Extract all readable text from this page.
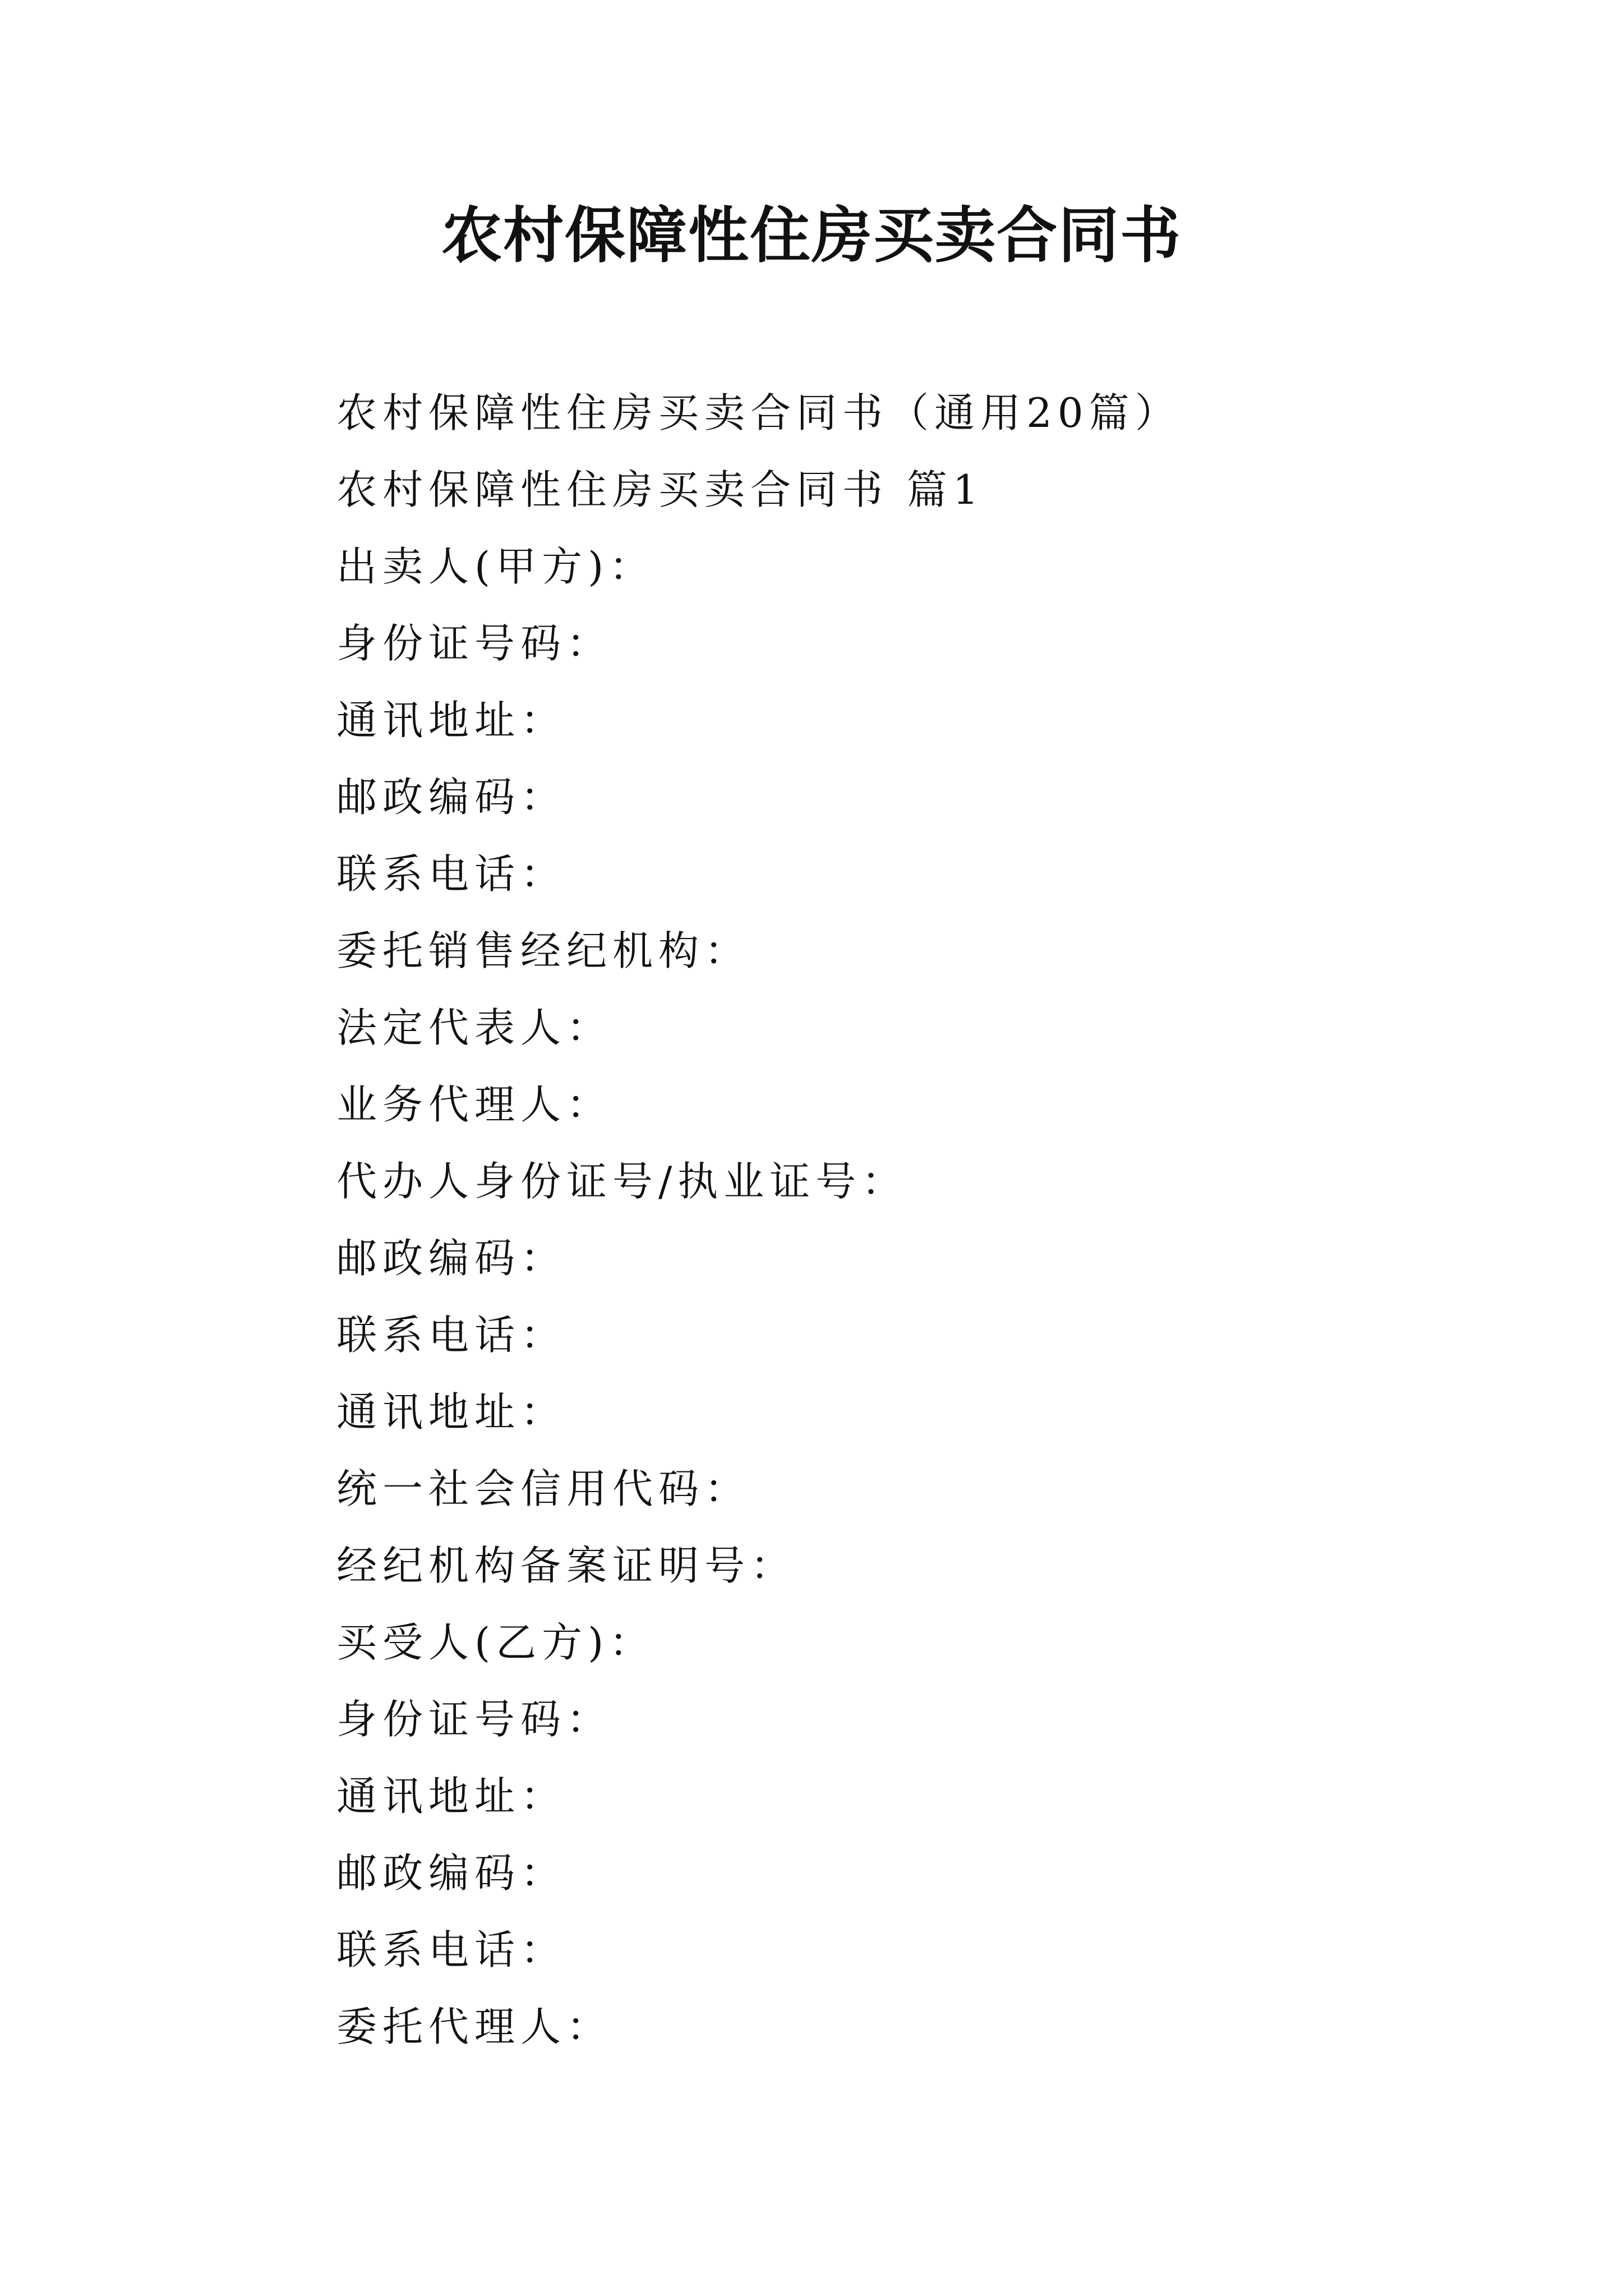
农村保障性住房买卖合同书
农村保障性住房买卖合同书（通用20篇）
农村保障性住房买卖合同书 篇1
出卖人(甲方)：
身份证号码：
通讯地址：
邮政编码：
联系电话：
委托销售经纪机构：
法定代表人：
业务代理人：
代办人身份证号/执业证号：
邮政编码：
联系电话：
通讯地址：
统一社会信用代码：
经纪机构备案证明号：
买受人(乙方)：
身份证号码：
通讯地址：
邮政编码：
联系电话：
委托代理人：
